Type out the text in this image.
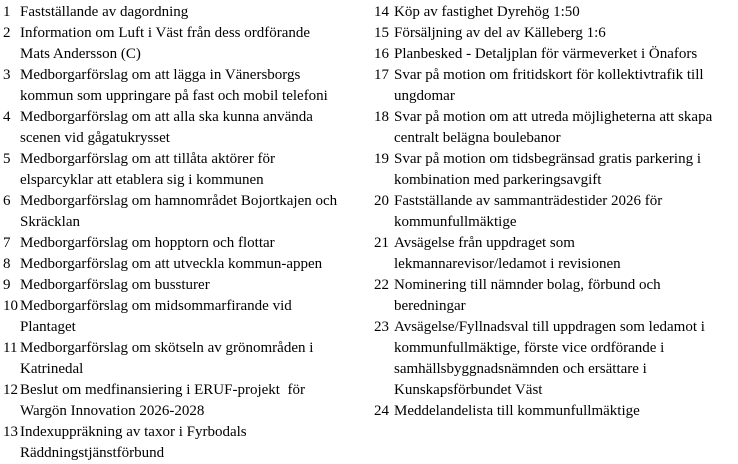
1 Fastställande av dagordning
2 Information om Luft i Väst från dess ordförande
Mats Andersson (C)
3 Medborgarförslag om att lägga in Vänersborgs
kommun som uppringare på fast och mobil telefoni
4 Medborgarförslag om att alla ska kunna använda
scenen vid gågatukrysset
5 Medborgarförslag om att tillåta aktörer för
elsparcyklar att etablera sig i kommunen
6 Medborgarförslag om hamnområdet Bojortkajen och
Skräcklan
7 Medborgarförslag om hopptorn och flottar
8 Medborgarförslag om att utveckla kommun-appen
9 Medborgarförslag om bussturer
10 Medborgarförslag om midsommarfirande vid
Plantaget
11 Medborgarförslag om skötseln av grönområden i
Katrinedal
12 Beslut om medfinansiering i ERUF-projekt  för
Wargön Innovation 2026-2028
13 Indexuppräkning av taxor i Fyrbodals
Räddningstjänstförbund
14 Köp av fastighet Dyrehög 1:50
15 Försäljning av del av Källeberg 1:6
16 Planbesked - Detaljplan för värmeverket i Önafors
17 Svar på motion om fritidskort för kollektivtrafik till
ungdomar
18 Svar på motion om att utreda möjligheterna att skapa
centralt belägna boulebanor
19 Svar på motion om tidsbegränsad gratis parkering i
kombination med parkeringsavgift
20 Fastställande av sammanträdestider 2026 för
kommunfullmäktige
21 Avsägelse från uppdraget som
lekmannarevisor/ledamot i revisionen
22 Nominering till nämnder bolag, förbund och
beredningar
23 Avsägelse/Fyllnadsval till uppdragen som ledamot i
kommunfullmäktige, förste vice ordförande i
samhällsbyggnadsnämnden och ersättare i
Kunskapsförbundet Väst
24 Meddelandelista till kommunfullmäktige
